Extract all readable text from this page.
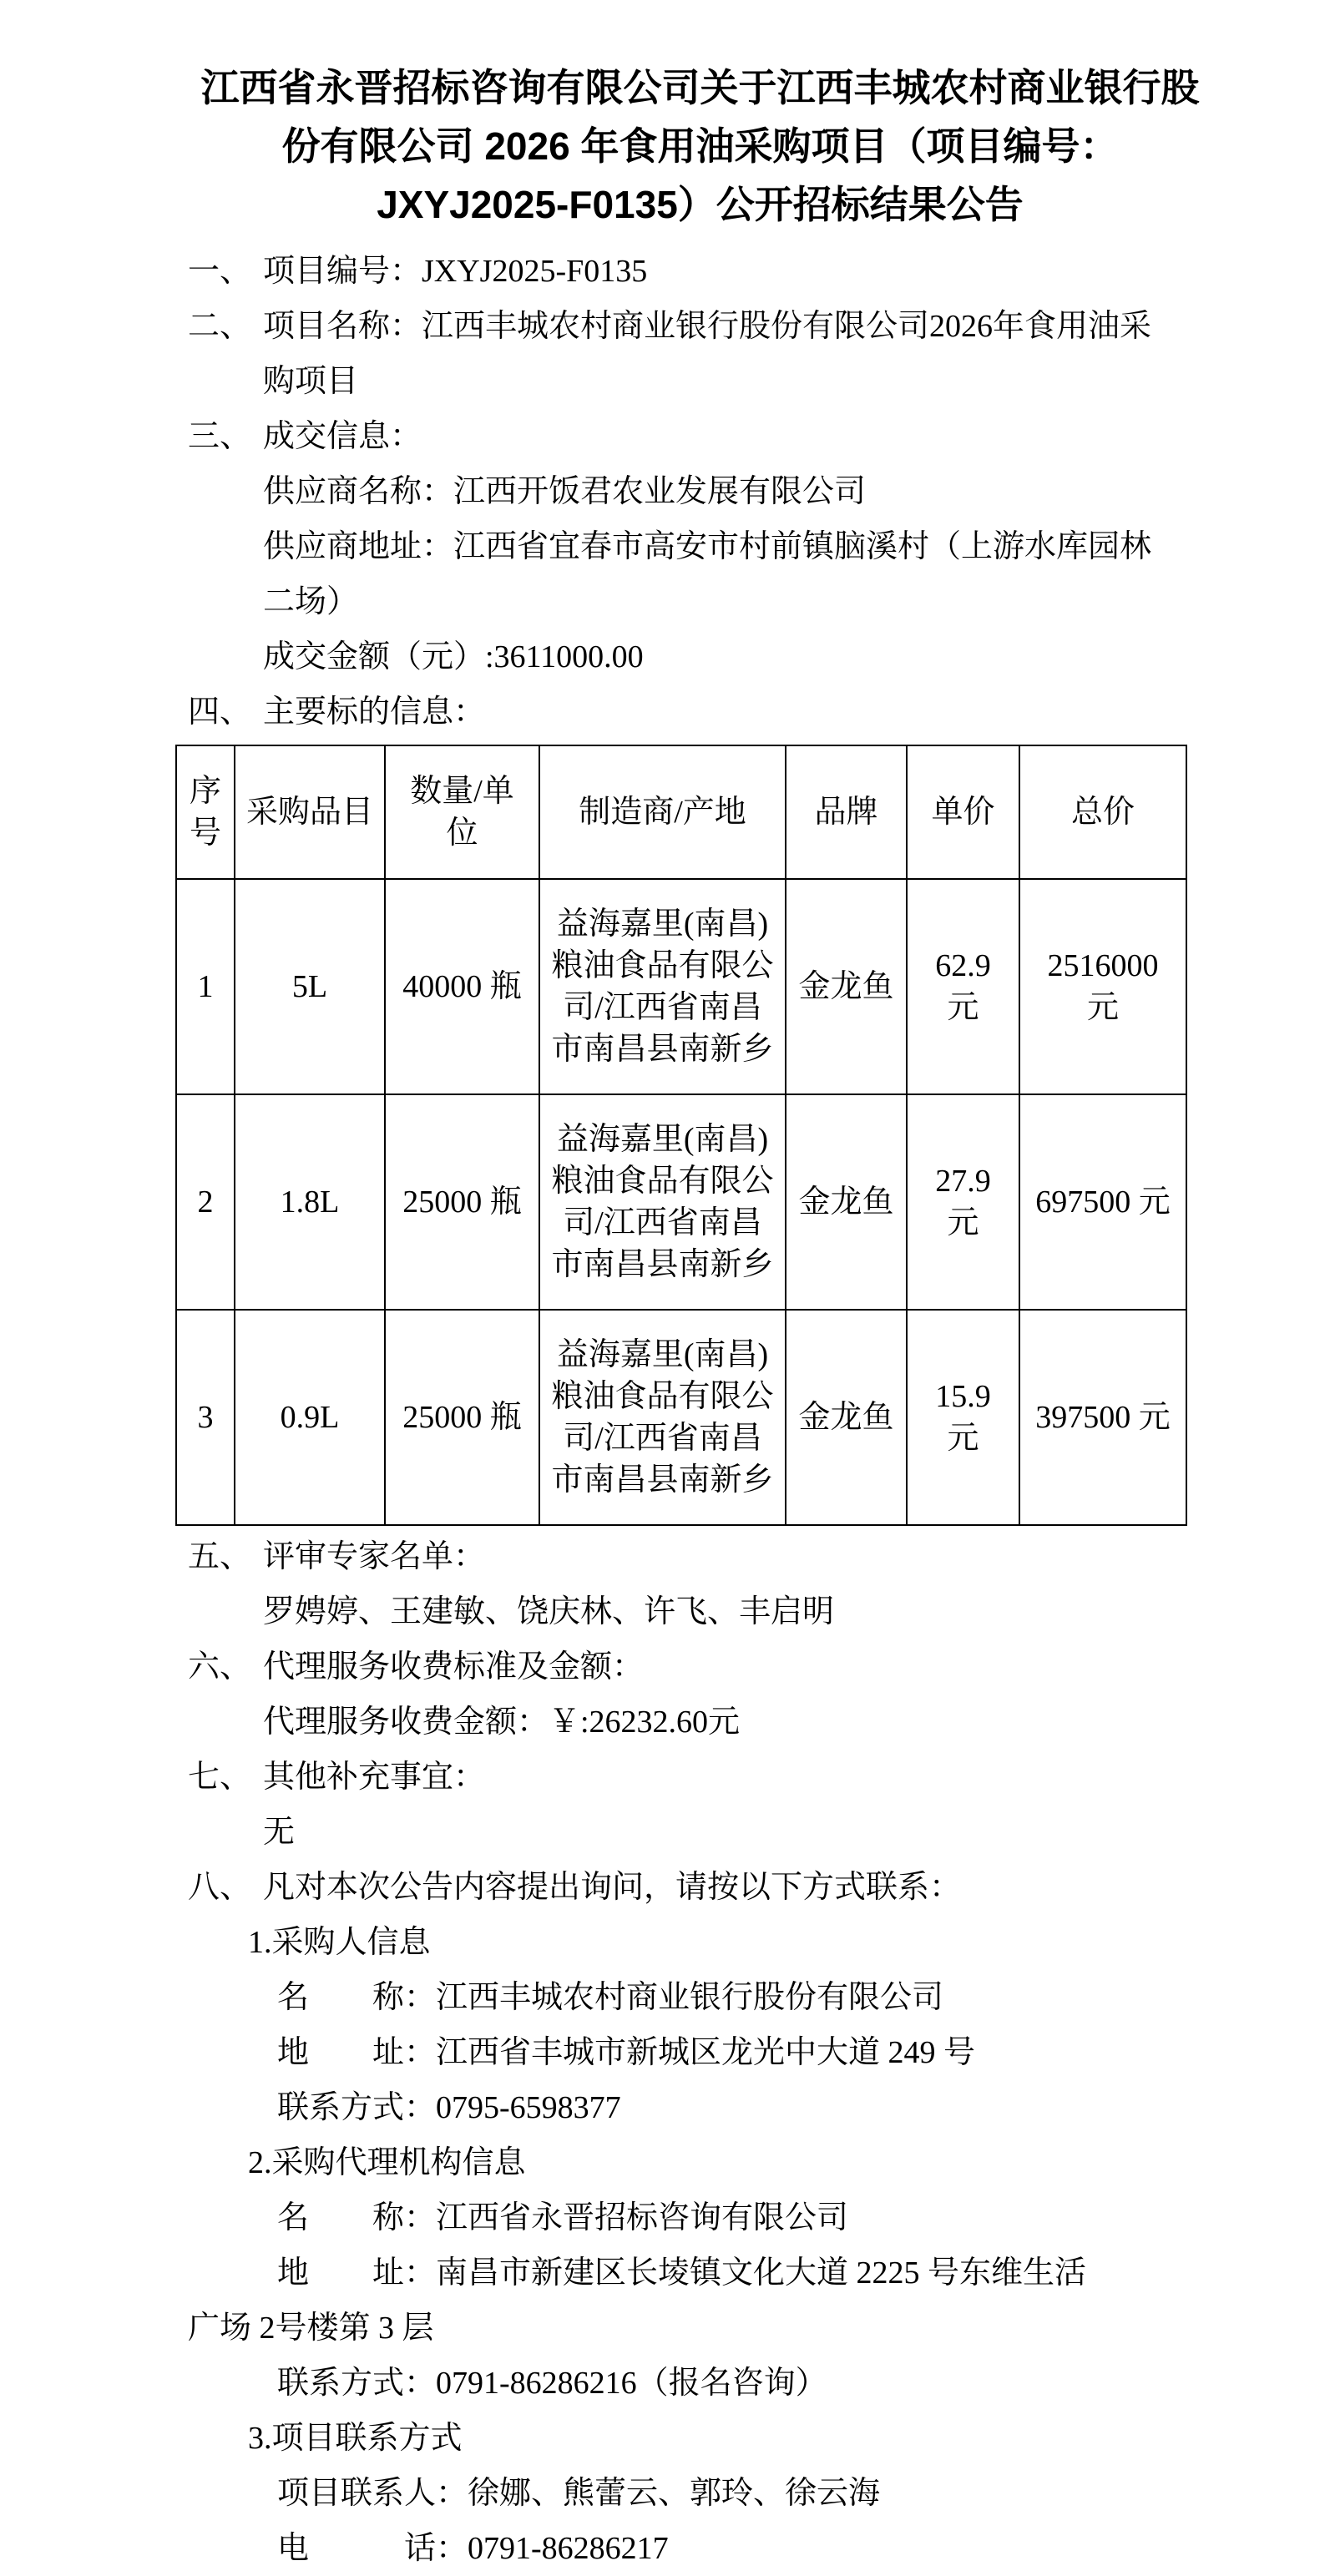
江西省永晋招标咨询有限公司关于江西丰城农村商业银行股
份有限公司 2026 年食用油采购项目（项目编号：
JXYJ2025-F0135）公开招标结果公告
一、 项目编号：JXYJ2025-F0135
二、 项目名称：江西丰城农村商业银行股份有限公司2026年食用油采购项目
三、 成交信息：
供应商名称：江西开饭君农业发展有限公司
供应商地址：江西省宜春市高安市村前镇脑溪村（上游水库园林二场）
成交金额（元）:3611000.00
四、 主要标的信息：
序号	采购品目	数量/单位	制造商/产地	品牌	单价	总价
1	5L	40000 瓶	益海嘉里(南昌)粮油食品有限公司/江西省南昌市南昌县南新乡	金龙鱼	62.9 元	2516000 元
2	1.8L	25000 瓶	益海嘉里(南昌)粮油食品有限公司/江西省南昌市南昌县南新乡	金龙鱼	27.9 元	697500 元
3	0.9L	25000 瓶	益海嘉里(南昌)粮油食品有限公司/江西省南昌市南昌县南新乡	金龙鱼	15.9 元	397500 元
五、 评审专家名单：
罗娉婷、王建敏、饶庆林、许飞、丰启明
六、 代理服务收费标准及金额：
代理服务收费金额：￥:26232.60元
七、 其他补充事宜：
无
八、 凡对本次公告内容提出询问，请按以下方式联系：
1.采购人信息
名　　称：江西丰城农村商业银行股份有限公司
地　　址：江西省丰城市新城区龙光中大道 249 号
联系方式：0795-6598377
2.采购代理机构信息
名　　称：江西省永晋招标咨询有限公司
地　　址：南昌市新建区长堎镇文化大道 2225 号东维生活广场 2号楼第 3 层
联系方式：0791-86286216（报名咨询）
3.项目联系方式
项目联系人：徐娜、熊蕾云、郭玲、徐云海
电　　　话：0791-86286217
